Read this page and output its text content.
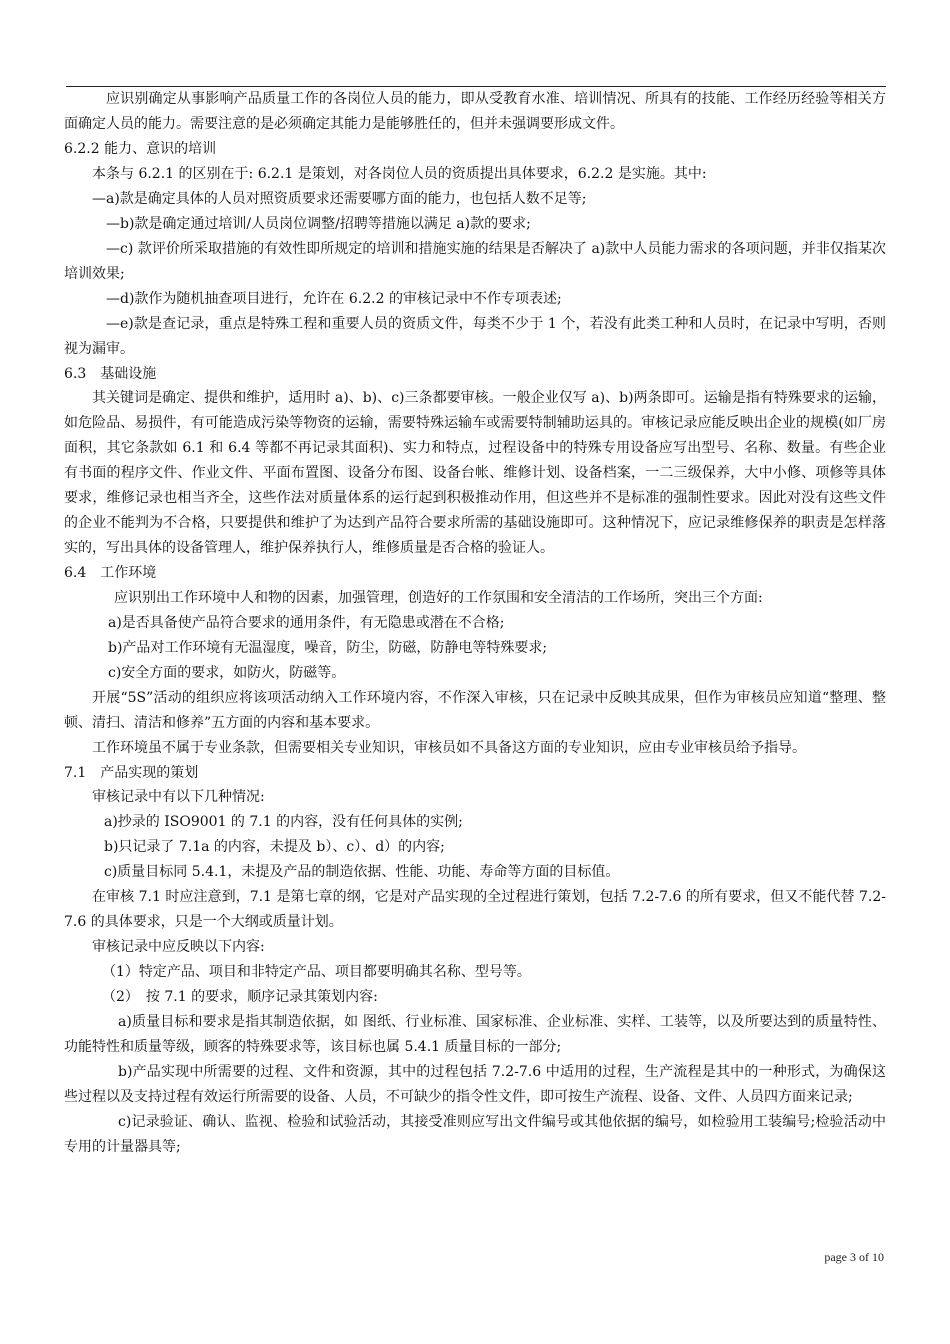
应识别确定从事影响产品质量工作的各岗位人员的能力，即从受教育水准、培训情况、所具有的技能、工作经历经验等相关方面确定人员的能力。需要注意的是必须确定其能力是能够胜任的，但并未强调要形成文件。

6.2.2 能力、意识的培训

本条与 6.2.1 的区别在于: 6.2.1 是策划，对各岗位人员的资质提出具体要求，6.2.2 是实施。其中:

—a)款是确定具体的人员对照资质要求还需要哪方面的能力，也包括人数不足等;

—b)款是确定通过培训/人员岗位调整/招聘等措施以满足 a)款的要求;

—c) 款评价所采取措施的有效性即所规定的培训和措施实施的结果是否解决了 a)款中人员能力需求的各项问题，并非仅指某次培训效果;

—d)款作为随机抽查项目进行，允许在 6.2.2 的审核记录中不作专项表述;

—e)款是查记录，重点是特殊工程和重要人员的资质文件，每类不少于 1 个，若没有此类工种和人员时，在记录中写明，否则视为漏审。

6.3　基础设施

其关键词是确定、提供和维护，适用时 a)、b)、c)三条都要审核。一般企业仅写 a)、b)两条即可。运输是指有特殊要求的运输，如危险品、易损件，有可能造成污染等物资的运输，需要特殊运输车或需要特制辅助运具的。审核记录应能反映出企业的规模(如厂房面积，其它条款如 6.1 和 6.4 等都不再记录其面积)、实力和特点，过程设备中的特殊专用设备应写出型号、名称、数量。有些企业有书面的程序文件、作业文件、平面布置图、设备分布图、设备台帐、维修计划、设备档案，一二三级保养，大中小修、项修等具体要求，维修记录也相当齐全，这些作法对质量体系的运行起到积极推动作用，但这些并不是标准的强制性要求。因此对没有这些文件的企业不能判为不合格，只要提供和维护了为达到产品符合要求所需的基础设施即可。这种情况下，应记录维修保养的职责是怎样落实的，写出具体的设备管理人，维护保养执行人，维修质量是否合格的验证人。

6.4　工作环境

应识别出工作环境中人和物的因素，加强管理，创造好的工作氛围和安全清洁的工作场所，突出三个方面:

a)是否具备使产品符合要求的通用条件，有无隐患或潜在不合格;

b)产品对工作环境有无温湿度，噪音，防尘，防磁，防静电等特殊要求;

c)安全方面的要求，如防火，防磁等。

开展“5S”活动的组织应将该项活动纳入工作环境内容，不作深入审核，只在记录中反映其成果，但作为审核员应知道“整理、整顿、清扫、清洁和修养”五方面的内容和基本要求。

工作环境虽不属于专业条款，但需要相关专业知识，审核员如不具备这方面的专业知识，应由专业审核员给予指导。

7.1　产品实现的策划

审核记录中有以下几种情况:

a)抄录的 ISO9001 的 7.1 的内容，没有任何具体的实例;

b)只记录了 7.1a 的内容，未提及 b）、c）、d）的内容;

c)质量目标同 5.4.1，未提及产品的制造依据、性能、功能、寿命等方面的目标值。

在审核 7.1 时应注意到，7.1 是第七章的纲，它是对产品实现的全过程进行策划，包括 7.2-7.6 的所有要求，但又不能代替 7.2-7.6 的具体要求，只是一个大纲或质量计划。

审核记录中应反映以下内容:

（1）特定产品、项目和非特定产品、项目都要明确其名称、型号等。

（2）　按 7.1 的要求，顺序记录其策划内容:

a)质量目标和要求是指其制造依据，如 图纸、行业标准、国家标准、企业标准、实样、工装等，以及所要达到的质量特性、功能特性和质量等级，顾客的特殊要求等，该目标也属 5.4.1 质量目标的一部分;

b)产品实现中所需要的过程、文件和资源，其中的过程包括 7.2-7.6 中适用的过程，生产流程是其中的一种形式，为确保这些过程以及支持过程有效运行所需要的设备、人员，不可缺少的指令性文件，即可按生产流程、设备、文件、人员四方面来记录;

c)记录验证、确认、监视、检验和试验活动，其接受准则应写出文件编号或其他依据的编号，如检验用工装编号;检验活动中专用的计量器具等;

page 3 of 10
